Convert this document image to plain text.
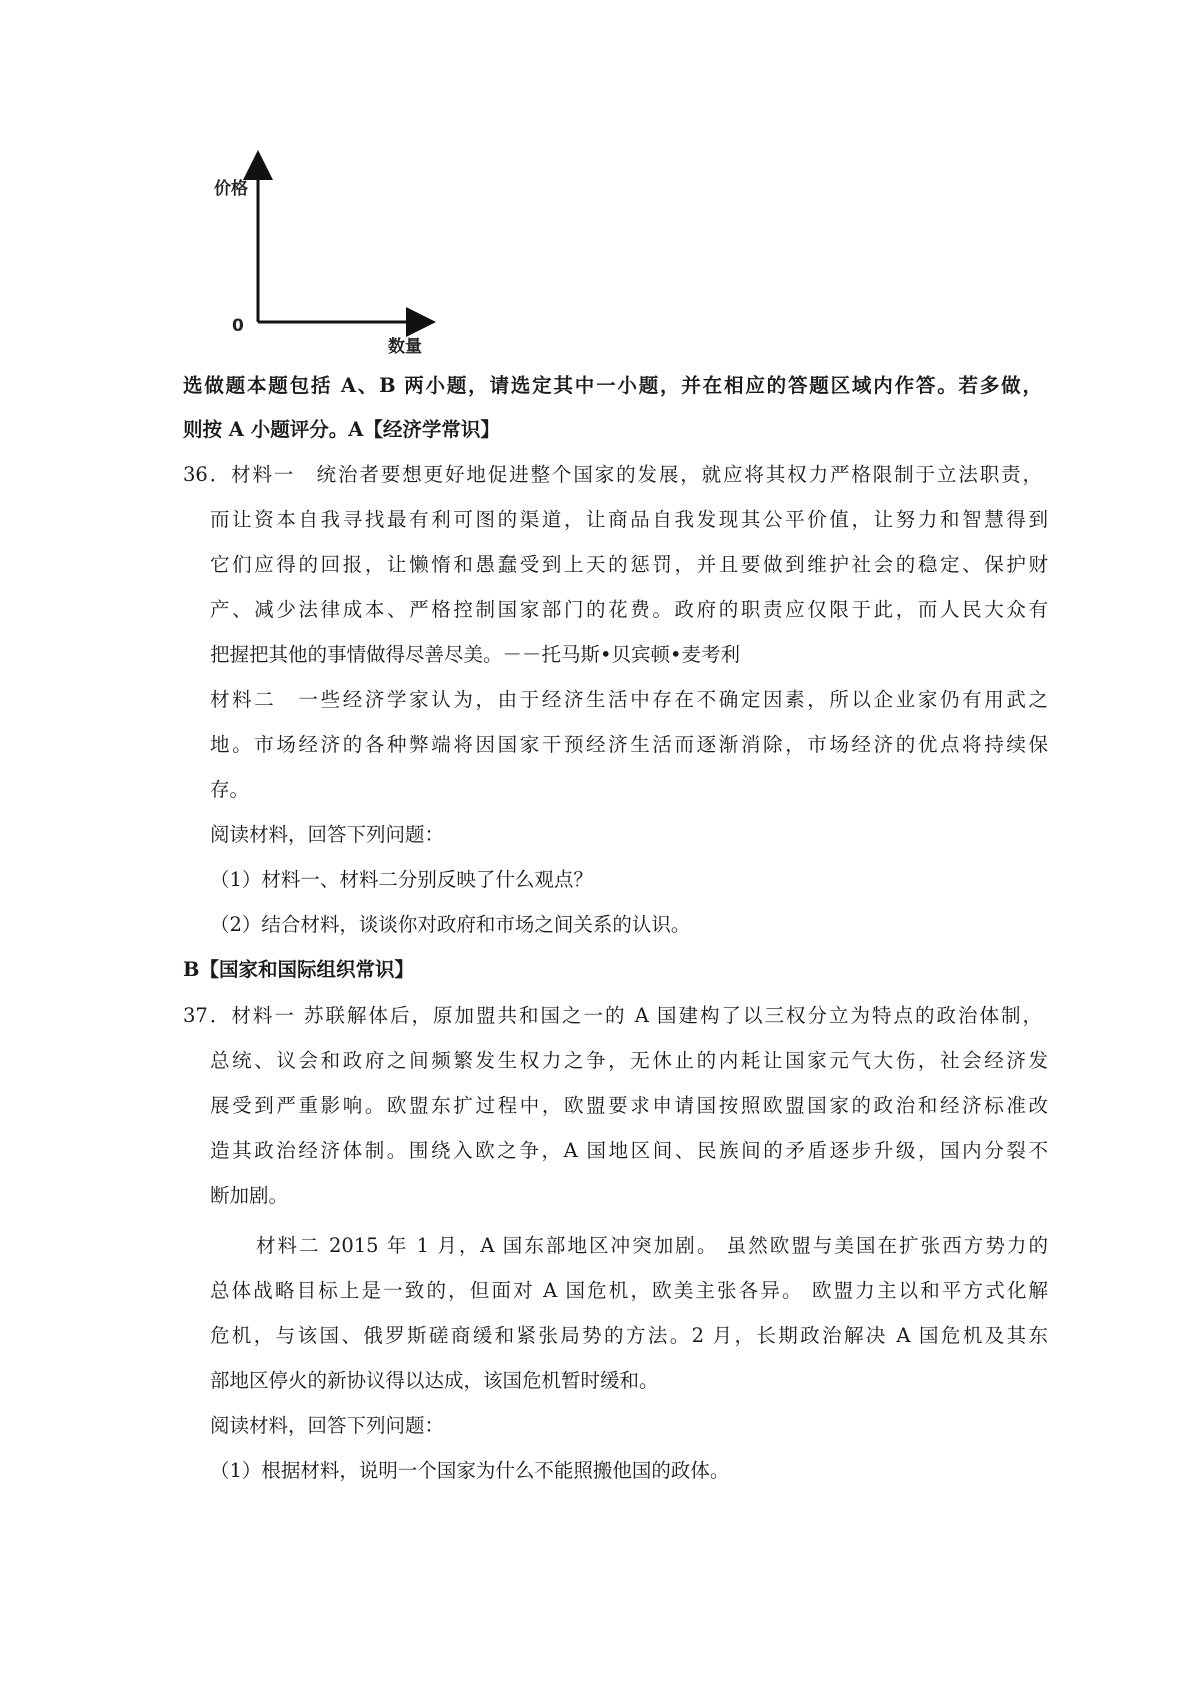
价格
0
数量
选做题本题包括 A、B 两小题，请选定其中一小题，并在相应的答题区域内作答。若多做，
则按 A 小题评分。A【经济学常识】
36．材料一　统治者要想更好地促进整个国家的发展，就应将其权力严格限制于立法职责，
而让资本自我寻找最有利可图的渠道，让商品自我发现其公平价值，让努力和智慧得到
它们应得的回报，让懒惰和愚蠢受到上天的惩罚，并且要做到维护社会的稳定、保护财
产、减少法律成本、严格控制国家部门的花费。政府的职责应仅限于此，而人民大众有
把握把其他的事情做得尽善尽美。－－托马斯•贝宾顿•麦考利
材料二　一些经济学家认为，由于经济生活中存在不确定因素，所以企业家仍有用武之
地。市场经济的各种弊端将因国家干预经济生活而逐渐消除，市场经济的优点将持续保
存。
阅读材料，回答下列问题：
（1）材料一、材料二分别反映了什么观点？
（2）结合材料，谈谈你对政府和市场之间关系的认识。
B【国家和国际组织常识】
37．材料一 苏联解体后，原加盟共和国之一的 A 国建构了以三权分立为特点的政治体制，
总统、议会和政府之间频繁发生权力之争，无休止的内耗让国家元气大伤，社会经济发
展受到严重影响。欧盟东扩过程中，欧盟要求申请国按照欧盟国家的政治和经济标准改
造其政治经济体制。围绕入欧之争，A 国地区间、民族间的矛盾逐步升级，国内分裂不
断加剧。
材料二 2015 年 1 月，A 国东部地区冲突加剧。 虽然欧盟与美国在扩张西方势力的
总体战略目标上是一致的，但面对 A 国危机，欧美主张各异。 欧盟力主以和平方式化解
危机，与该国、俄罗斯磋商缓和紧张局势的方法。2 月，长期政治解决 A 国危机及其东
部地区停火的新协议得以达成，该国危机暂时缓和。
阅读材料，回答下列问题：
（1）根据材料，说明一个国家为什么不能照搬他国的政体。
